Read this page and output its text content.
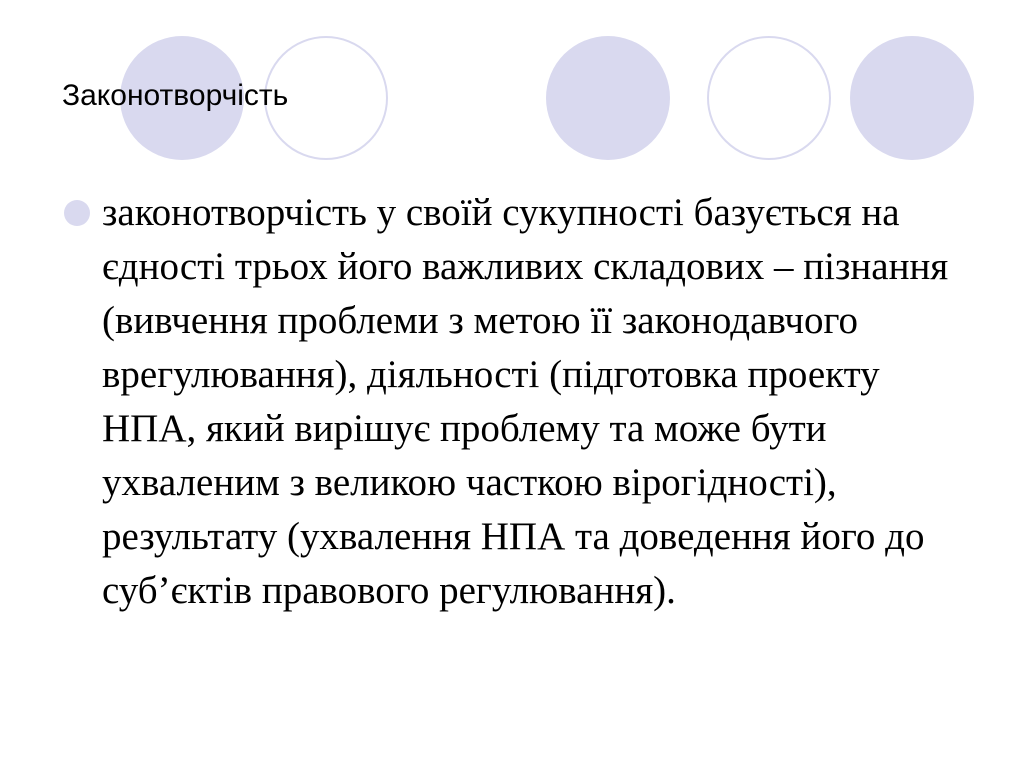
Законотворчість
законотворчість у своїй сукупності базується на єдності трьох його важливих складових – пізнання (вивчення проблеми з метою її законодавчого врегулювання), діяльності (підготовка проекту НПА, який вирішує проблему та може бути ухваленим з великою часткою вірогідності), результату (ухвалення НПА та доведення його до суб’єктів правового регулювання).
